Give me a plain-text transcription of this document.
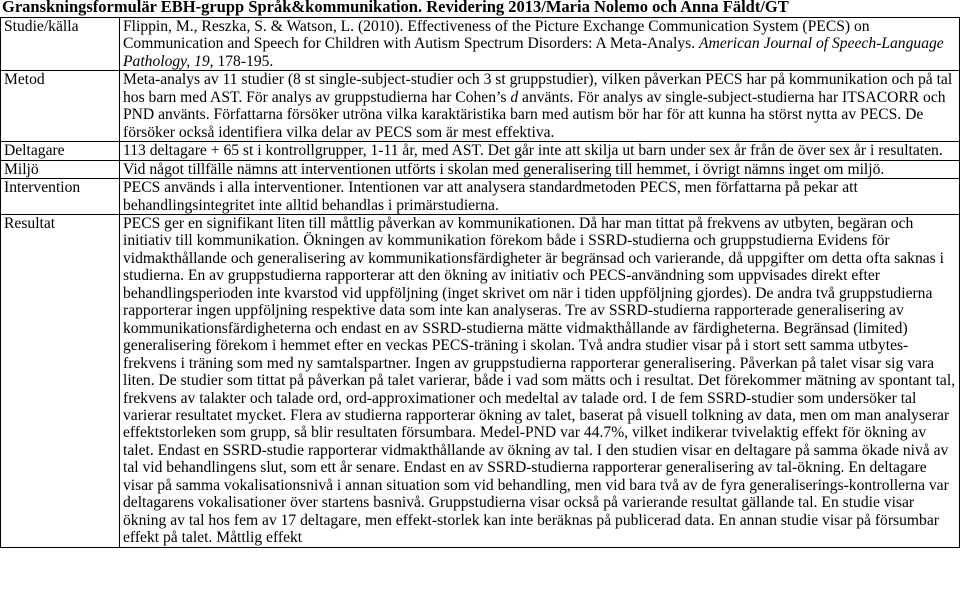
Granskningsformulär EBH-grupp Språk&kommunikation. Revidering 2013/Maria Nolemo och Anna Fäldt/GT
Studie/källa	Flippin, M., Reszka, S. & Watson, L. (2010). Effectiveness of the Picture Exchange Communication System (PECS) on Communication and Speech for Children with Autism Spectrum Disorders: A Meta-Analys. American Journal of Speech-Language Pathology, 19, 178-195.
Metod	Meta-analys av 11 studier (8 st single-subject-studier och 3 st gruppstudier), vilken påverkan PECS har på kommunikation och på tal hos barn med AST. För analys av gruppstudierna har Cohen’s d använts. För analys av single-subject-studierna har ITSACORR och PND använts. Författarna försöker utröna vilka karaktäristika barn med autism bör har för att kunna ha störst nytta av PECS. De försöker också identifiera vilka delar av PECS som är mest effektiva.
Deltagare	113 deltagare + 65 st i kontrollgrupper, 1-11 år, med AST. Det går inte att skilja ut barn under sex år från de över sex år i resultaten.
Miljö	Vid något tillfälle nämns att interventionen utförts i skolan med generalisering till hemmet, i övrigt nämns inget om miljö.
Intervention	PECS används i alla interventioner. Intentionen var att analysera standardmetoden PECS, men författarna på pekar att behandlingsintegritet inte alltid behandlas i primärstudierna.
Resultat	PECS ger en signifikant liten till måttlig påverkan av kommunikationen. Då har man tittat på frekvens av utbyten, begäran och initiativ till kommunikation. Ökningen av kommunikation förekom både i SSRD-studierna och gruppstudierna Evidens för vidmakthållande och generalisering av kommunikationsfärdigheter är begränsad och varierande, då uppgifter om detta ofta saknas i studierna. En av gruppstudierna rapporterar att den ökning av initiativ och PECS-användning som uppvisades direkt efter behandlingsperioden inte kvarstod vid uppföljning (inget skrivet om när i tiden uppföljning gjordes). De andra två gruppstudierna rapporterar ingen uppföljning respektive data som inte kan analyseras. Tre av SSRD-studierna rapporterade generalisering av kommunikationsfärdigheterna och endast en av SSRD-studierna mätte vidmakthållande av färdigheterna. Begränsad (limited) generalisering förekom i hemmet efter en veckas PECS-träning i skolan. Två andra studier visar på i stort sett samma utbytes-frekvens i träning som med ny samtalspartner. Ingen av gruppstudierna rapporterar generalisering. Påverkan på talet visar sig vara liten. De studier som tittat på påverkan på talet varierar, både i vad som mätts och i resultat. Det förekommer mätning av spontant tal, frekvens av talakter och talade ord, ord-approximationer och medeltal av talade ord. I de fem SSRD-studier som undersöker tal varierar resultatet mycket. Flera av studierna rapporterar ökning av talet, baserat på visuell tolkning av data, men om man analyserar effektstorleken som grupp, så blir resultaten försumbara. Medel-PND var 44.7%, vilket indikerar tvivelaktig effekt för ökning av talet. Endast en SSRD-studie rapporterar vidmakthållande av ökning av tal. I den studien visar en deltagare på samma ökade nivå av tal vid behandlingens slut, som ett år senare. Endast en av SSRD-studierna rapporterar generalisering av tal-ökning. En deltagare visar på samma vokalisationsnivå i annan situation som vid behandling, men vid bara två av de fyra generaliserings-kontrollerna var deltagarens vokalisationer över startens basnivå. Gruppstudierna visar också på varierande resultat gällande tal. En studie visar ökning av tal hos fem av 17 deltagare, men effekt-storlek kan inte beräknas på publicerad data. En annan studie visar på försumbar effekt på talet. Måttlig effekt
